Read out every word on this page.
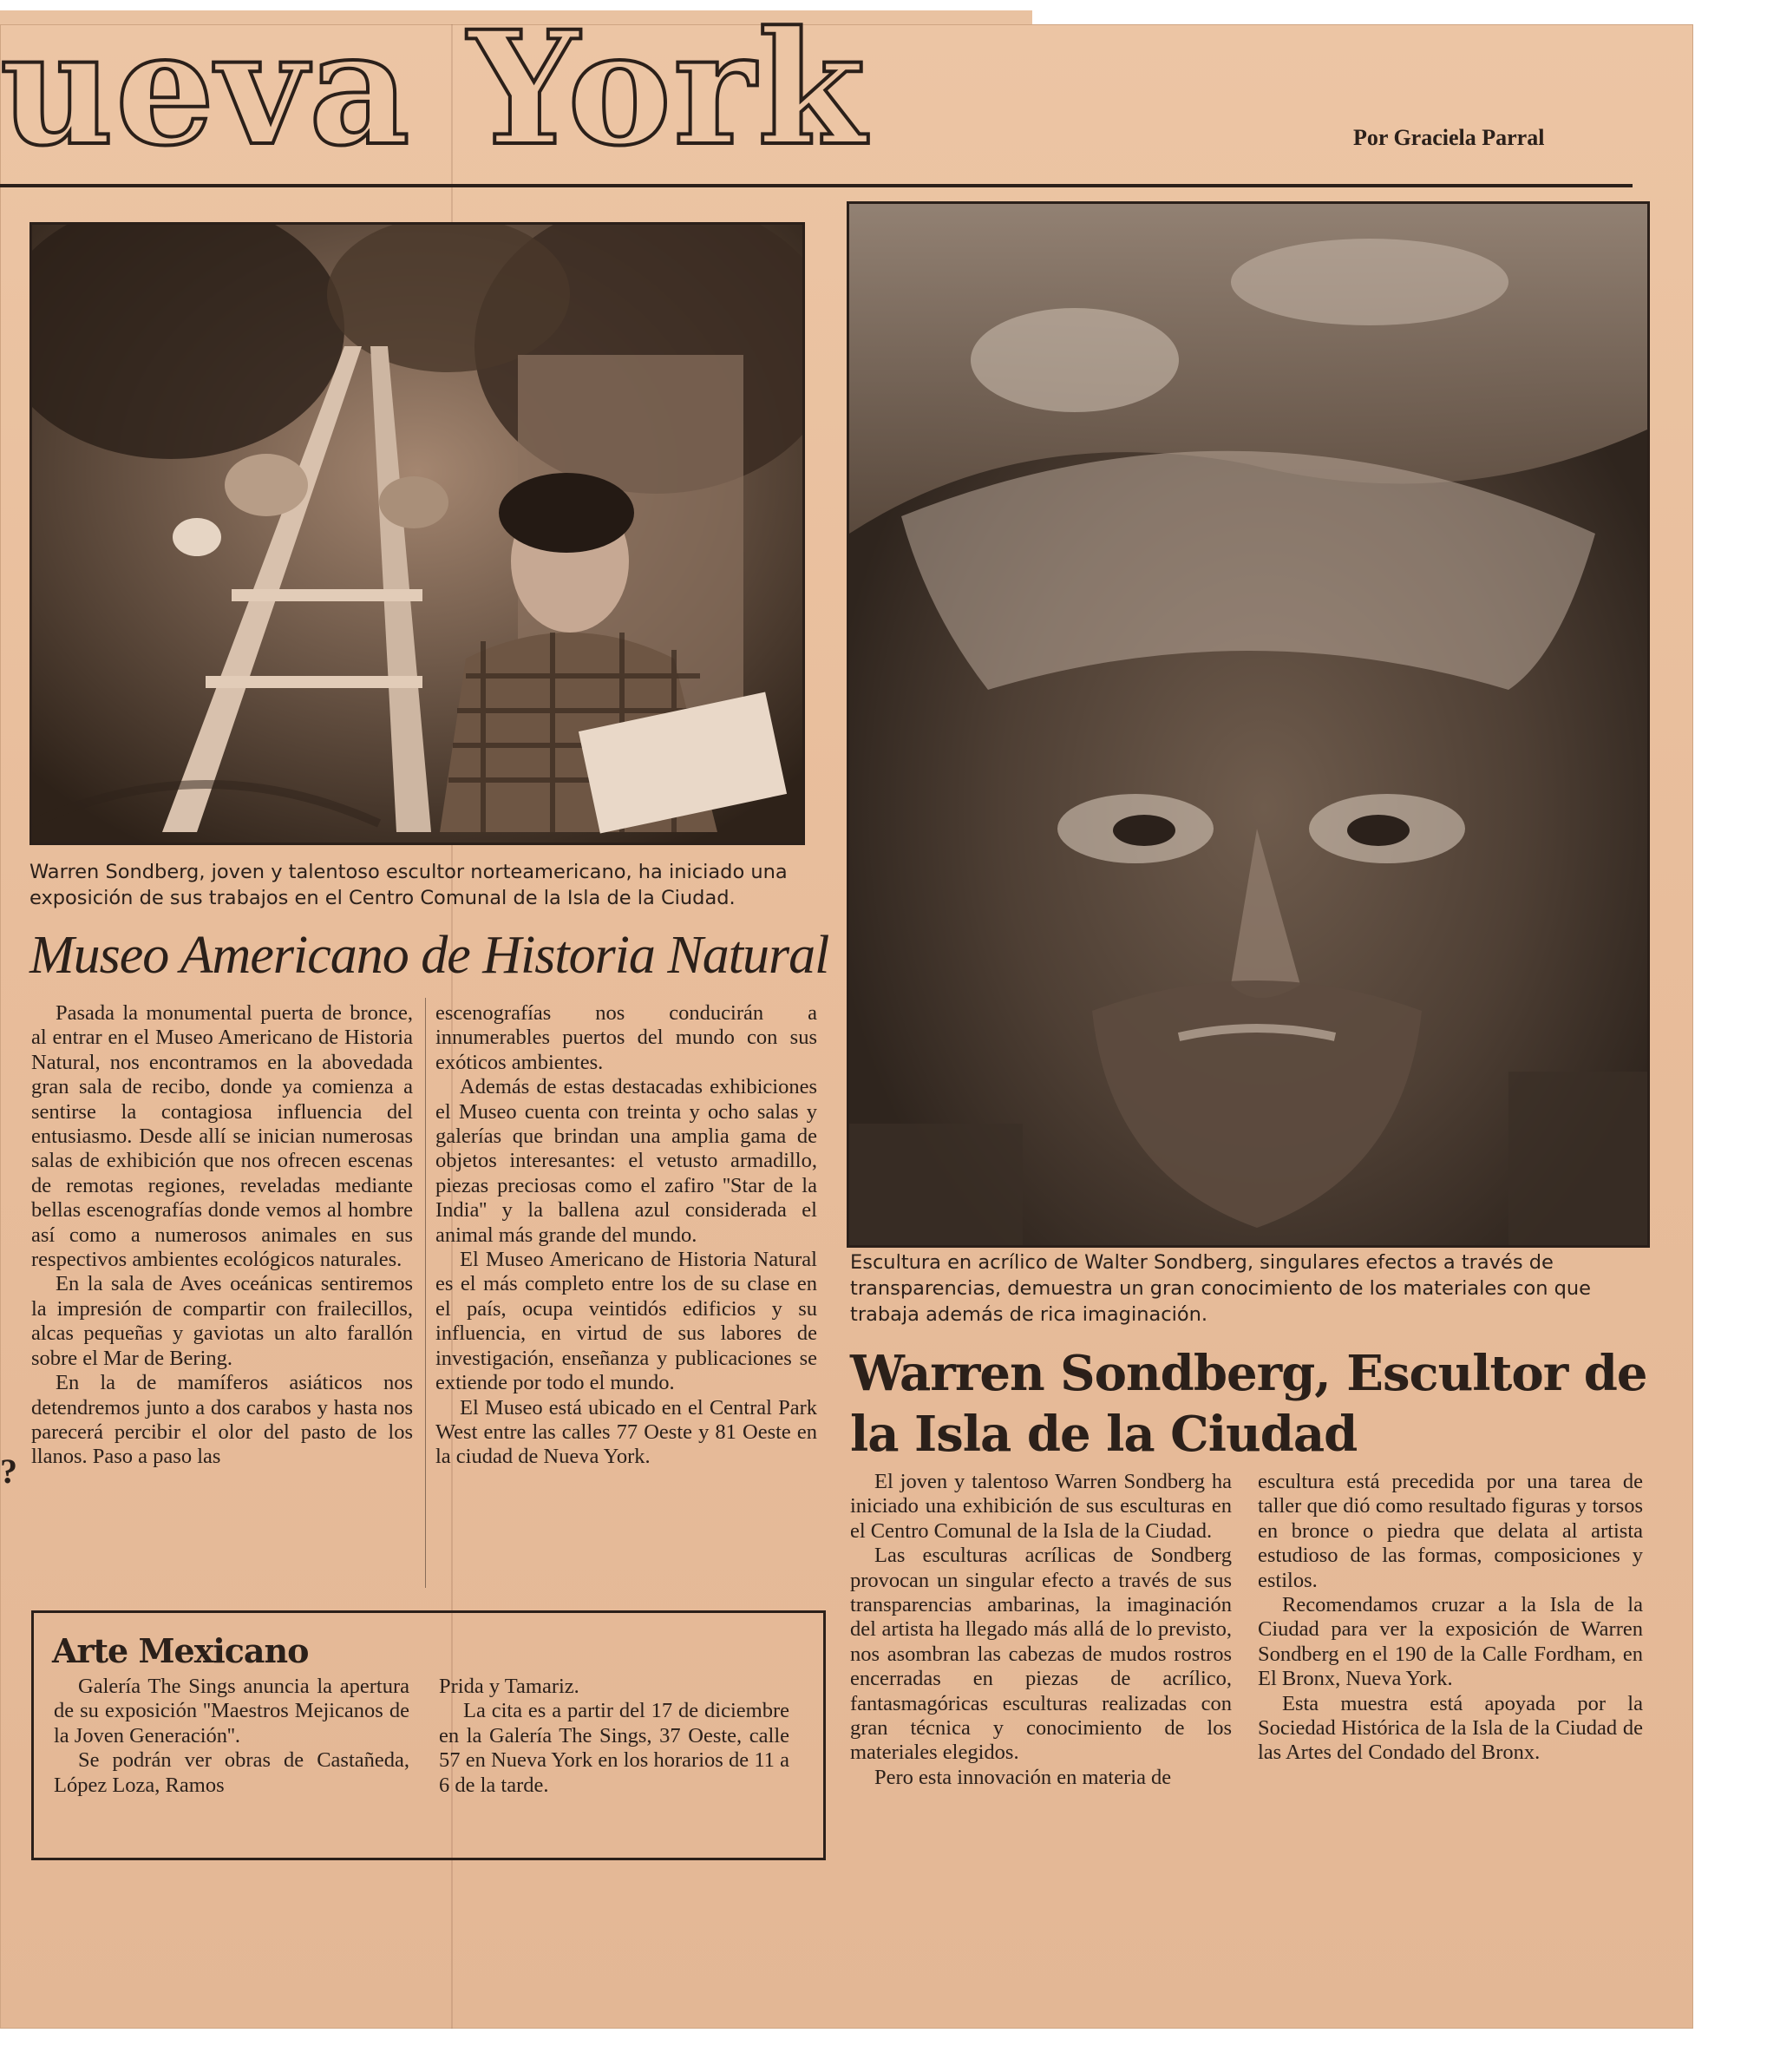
ueva York	Por Graciela Parral
Warren Sondberg, joven y talentoso escultor norteamericano, ha iniciado una exposición de sus trabajos en el Centro Comunal de la Isla de la Ciudad.
Escultura en acrílico de Walter Sondberg, singulares efectos a través de transparencias, demuestra un gran conocimiento de los materiales con que trabaja además de rica imaginación.
Museo Americano de Historia Natural

Pasada la monumental puerta de bronce, al entrar en el Museo Americano de Historia Natural, nos encontramos en la abovedada gran sala de recibo, donde ya comienza a sentirse la contagiosa influencia del entusiasmo. Desde allí se inician numerosas salas de exhibición que nos ofrecen escenas de remotas regiones, reveladas mediante bellas escenografías donde vemos al hombre así como a numerosos animales en sus respectivos ambientes ecológicos naturales.

En la sala de Aves oceánicas sentiremos la impresión de compartir con frailecillos, alcas pequeñas y gaviotas un alto farallón sobre el Mar de Bering.

En la de mamíferos asiáticos nos detendremos junto a dos carabos y hasta nos parecerá percibir el olor del pasto de los llanos. Paso a paso las

escenografías nos conducirán a innumerables puertos del mundo con sus exóticos ambientes.

Además de estas destacadas exhibiciones el Museo cuenta con treinta y ocho salas y galerías que brindan una amplia gama de objetos interesantes: el vetusto armadillo, piezas preciosas como el zafiro ''Star de la India'' y la ballena azul considerada el animal más grande del mundo.

El Museo Americano de Historia Natural es el más completo entre los de su clase en el país, ocupa veintidós edificios y su influencia, en virtud de sus labores de investigación, enseñanza y publicaciones se extiende por todo el mundo.

El Museo está ubicado en el Central Park West entre las calles 77 Oeste y 81 Oeste en la ciudad de Nueva York.

?
Arte Mexicano

Galería The Sings anuncia la apertura de su exposición ''Maestros Mejicanos de la Joven Generación''.

Se podrán ver obras de Castañeda, López Loza, Ramos

Prida y Tamariz.

La cita es a partir del 17 de diciembre en la Galería The Sings, 37 Oeste, calle 57 en Nueva York en los horarios de 11 a 6 de la tarde.

Warren Sondberg, Escultor de la Isla de la Ciudad

El joven y talentoso Warren Sondberg ha iniciado una exhibición de sus esculturas en el Centro Comunal de la Isla de la Ciudad.

Las esculturas acrílicas de Sondberg provocan un singular efecto a través de sus transparencias ambarinas, la imaginación del artista ha llegado más allá de lo previsto, nos asombran las cabezas de mudos rostros encerradas en piezas de acrílico, fantasmagóricas esculturas realizadas con gran técnica y conocimiento de los materiales elegidos.

Pero esta innovación en materia de

escultura está precedida por una tarea de taller que dió como resultado figuras y torsos en bronce o piedra que delata al artista estudioso de las formas, composiciones y estilos.

Recomendamos cruzar a la Isla de la Ciudad para ver la exposición de Warren Sondberg en el 190 de la Calle Fordham, en El Bronx, Nueva York.

Esta muestra está apoyada por la Sociedad Histórica de la Isla de la Ciudad de las Artes del Condado del Bronx.
